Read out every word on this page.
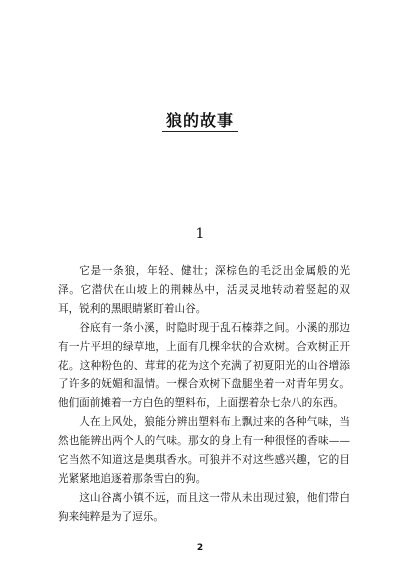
狼的故事
1

它是一条狼，年轻、健壮；深棕色的毛泛出金属般的光泽。它潜伏在山坡上的荆棘丛中，活灵灵地转动着竖起的双耳，锐利的黑眼睛紧盯着山谷。

谷底有一条小溪，时隐时现于乱石榛莽之间。小溪的那边有一片平坦的绿草地，上面有几棵伞状的合欢树。合欢树正开花。这种粉色的、茸茸的花为这个充满了初夏阳光的山谷增添了许多的妩媚和温情。一棵合欢树下盘腿坐着一对青年男女。他们面前摊着一方白色的塑料布，上面摆着杂七杂八的东西。

人在上风处，狼能分辨出塑料布上飘过来的各种气味，当然也能辨出两个人的气味。那女的身上有一种很怪的香味——它当然不知道这是奥琪香水。可狼并不对这些感兴趣，它的目光紧紧地追逐着那条雪白的狗。

这山谷离小镇不远，而且这一带从未出现过狼，他们带白狗来纯粹是为了逗乐。

2
